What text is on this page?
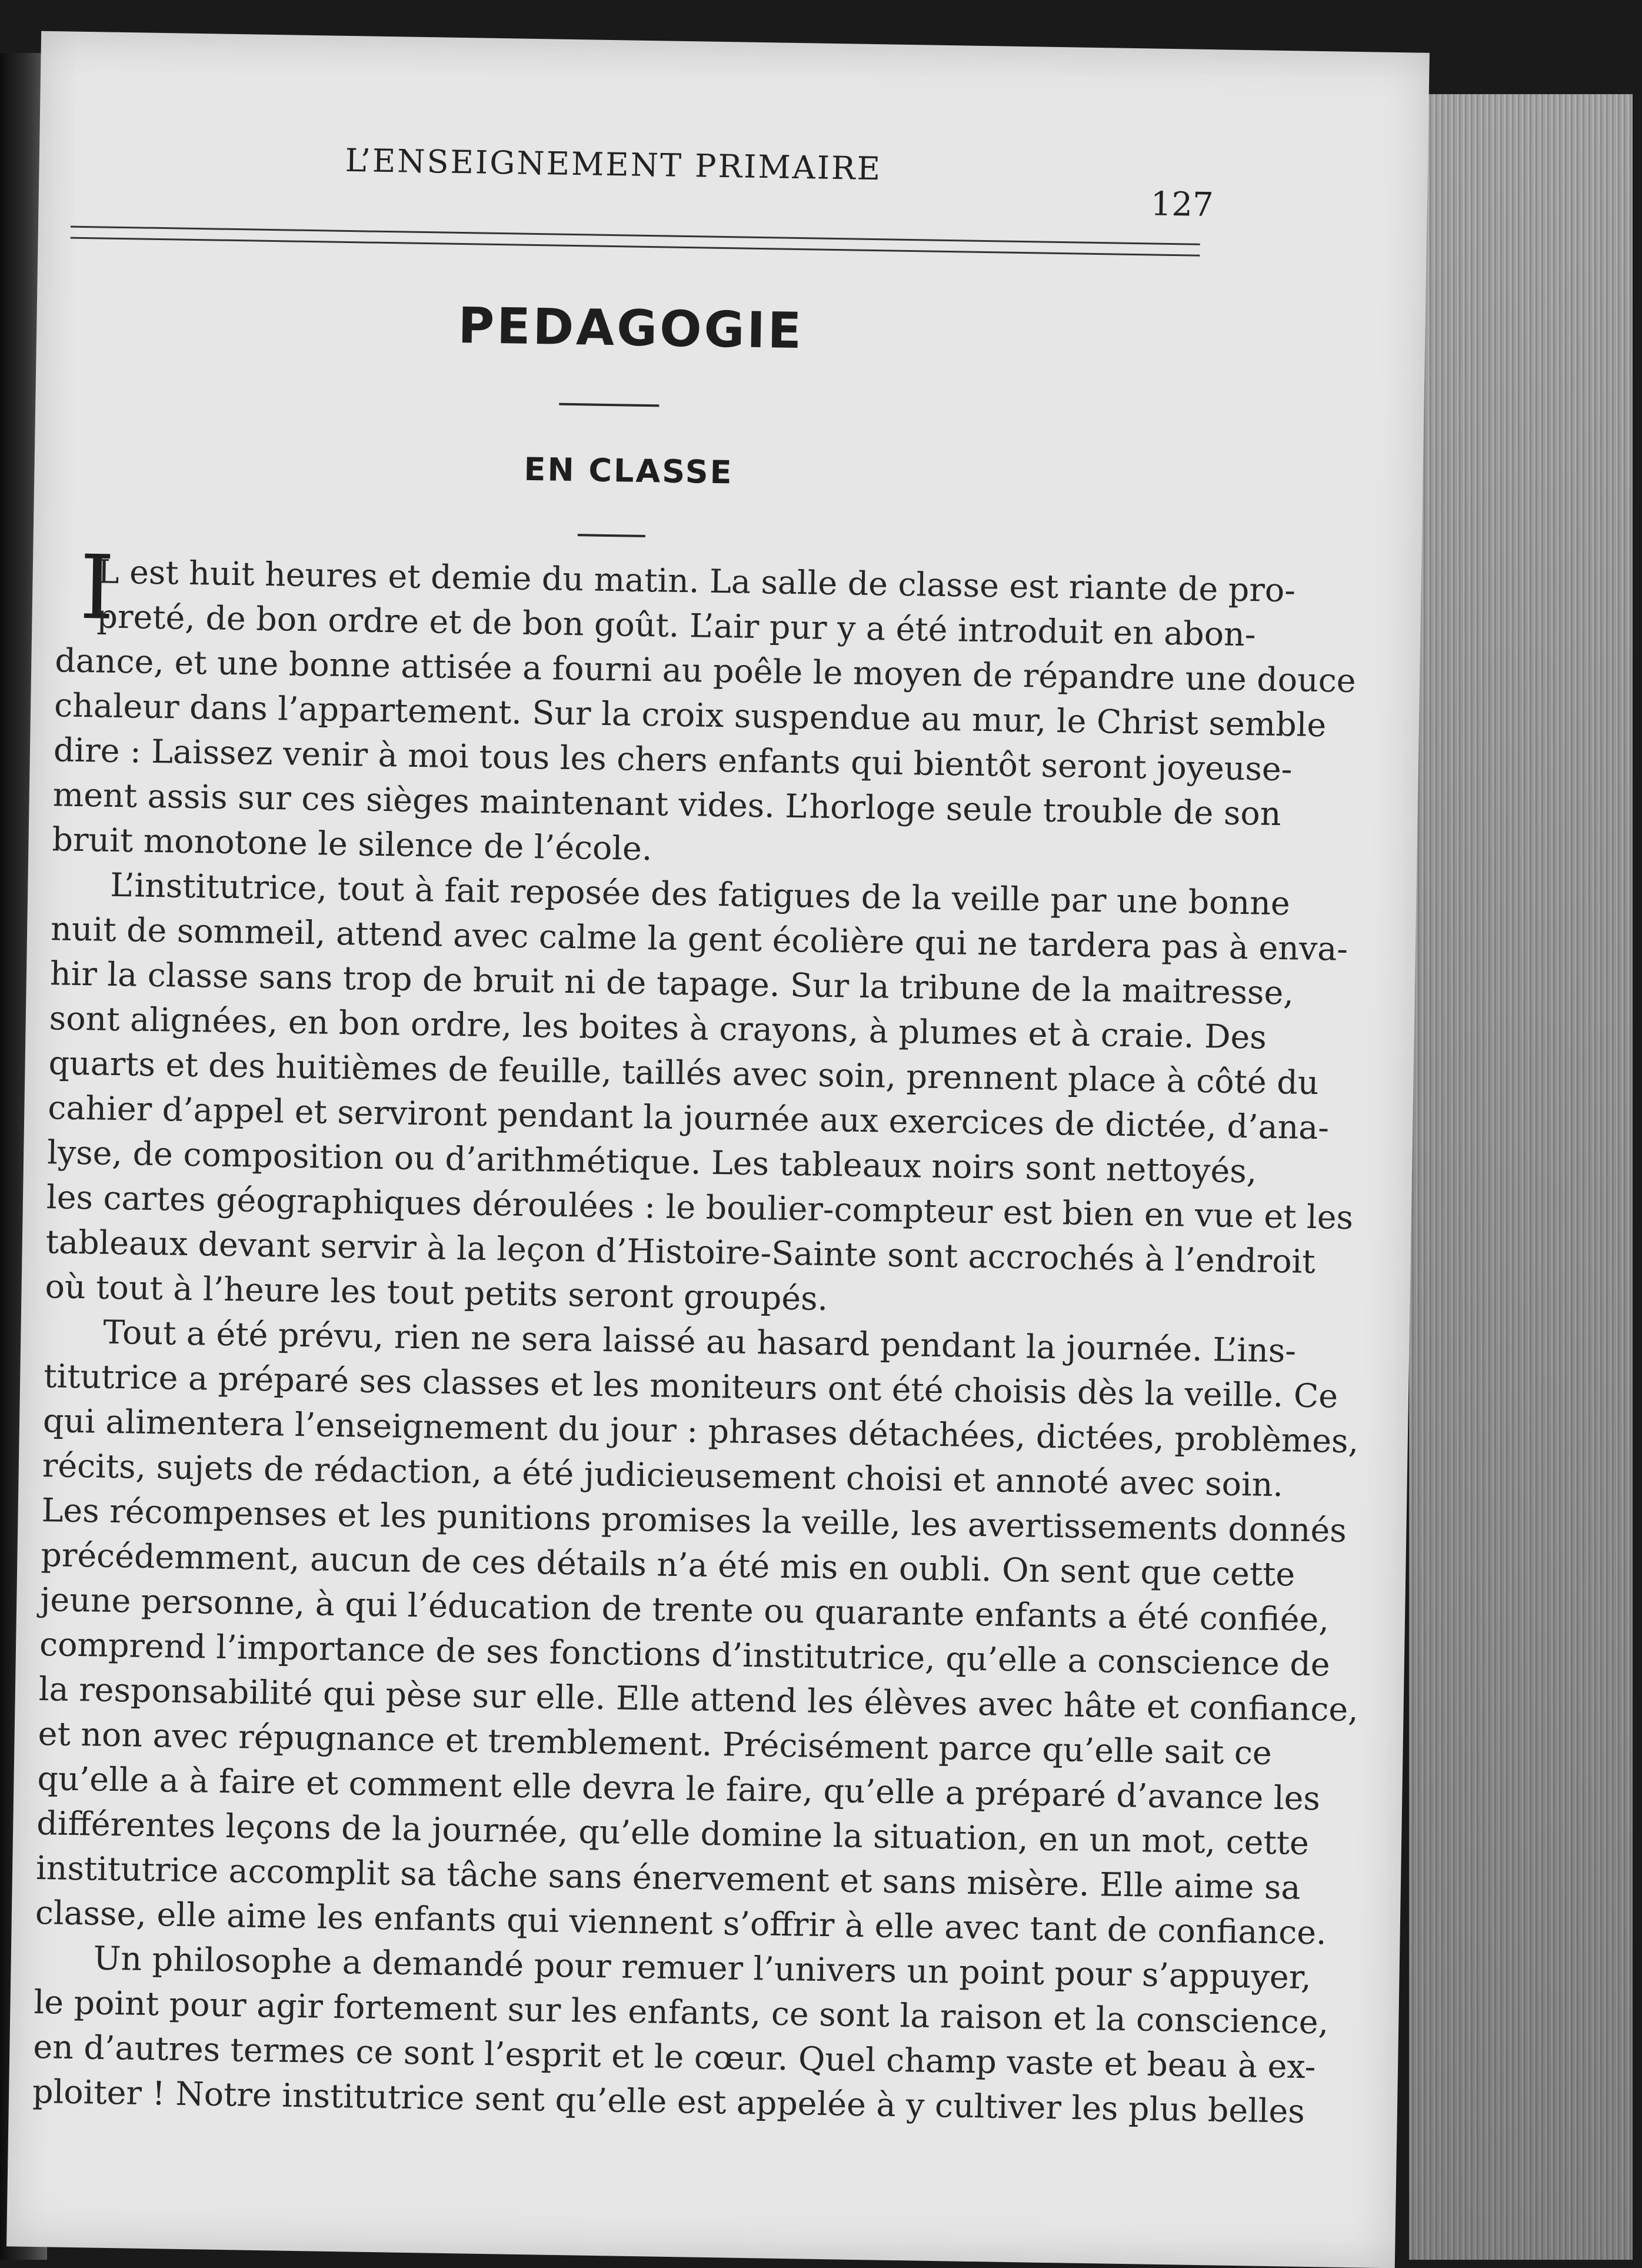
L’ENSEIGNEMENT PRIMAIRE
127
PEDAGOGIE
EN CLASSE
I
L est huit heures et demie du matin. La salle de classe est riante de pro-
preté, de bon ordre et de bon goût. L’air pur y a été introduit en abon-
dance, et une bonne attisée a fourni au poêle le moyen de répandre une douce
chaleur dans l’appartement. Sur la croix suspendue au mur, le Christ semble
dire : Laissez venir à moi tous les chers enfants qui bientôt seront joyeuse-
ment assis sur ces sièges maintenant vides. L’horloge seule trouble de son
bruit monotone le silence de l’école.
L’institutrice, tout à fait reposée des fatigues de la veille par une bonne
nuit de sommeil, attend avec calme la gent écolière qui ne tardera pas à enva-
hir la classe sans trop de bruit ni de tapage. Sur la tribune de la maitresse,
sont alignées, en bon ordre, les boites à crayons, à plumes et à craie. Des
quarts et des huitièmes de feuille, taillés avec soin, prennent place à côté du
cahier d’appel et serviront pendant la journée aux exercices de dictée, d’ana-
lyse, de composition ou d’arithmétique. Les tableaux noirs sont nettoyés,
les cartes géographiques déroulées : le boulier-compteur est bien en vue et les
tableaux devant servir à la leçon d’Histoire-Sainte sont accrochés à l’endroit
où tout à l’heure les tout petits seront groupés.
Tout a été prévu, rien ne sera laissé au hasard pendant la journée. L’ins-
titutrice a préparé ses classes et les moniteurs ont été choisis dès la veille. Ce
qui alimentera l’enseignement du jour : phrases détachées, dictées, problèmes,
récits, sujets de rédaction, a été judicieusement choisi et annoté avec soin.
Les récompenses et les punitions promises la veille, les avertissements donnés
précédemment, aucun de ces détails n’a été mis en oubli. On sent que cette
jeune personne, à qui l’éducation de trente ou quarante enfants a été confiée,
comprend l’importance de ses fonctions d’institutrice, qu’elle a conscience de
la responsabilité qui pèse sur elle. Elle attend les élèves avec hâte et confiance,
et non avec répugnance et tremblement. Précisément parce qu’elle sait ce
qu’elle a à faire et comment elle devra le faire, qu’elle a préparé d’avance les
différentes leçons de la journée, qu’elle domine la situation, en un mot, cette
institutrice accomplit sa tâche sans énervement et sans misère. Elle aime sa
classe, elle aime les enfants qui viennent s’offrir à elle avec tant de confiance.
Un philosophe a demandé pour remuer l’univers un point pour s’appuyer,
le point pour agir fortement sur les enfants, ce sont la raison et la conscience,
en d’autres termes ce sont l’esprit et le cœur. Quel champ vaste et beau à ex-
ploiter ! Notre institutrice sent qu’elle est appelée à y cultiver les plus belles
